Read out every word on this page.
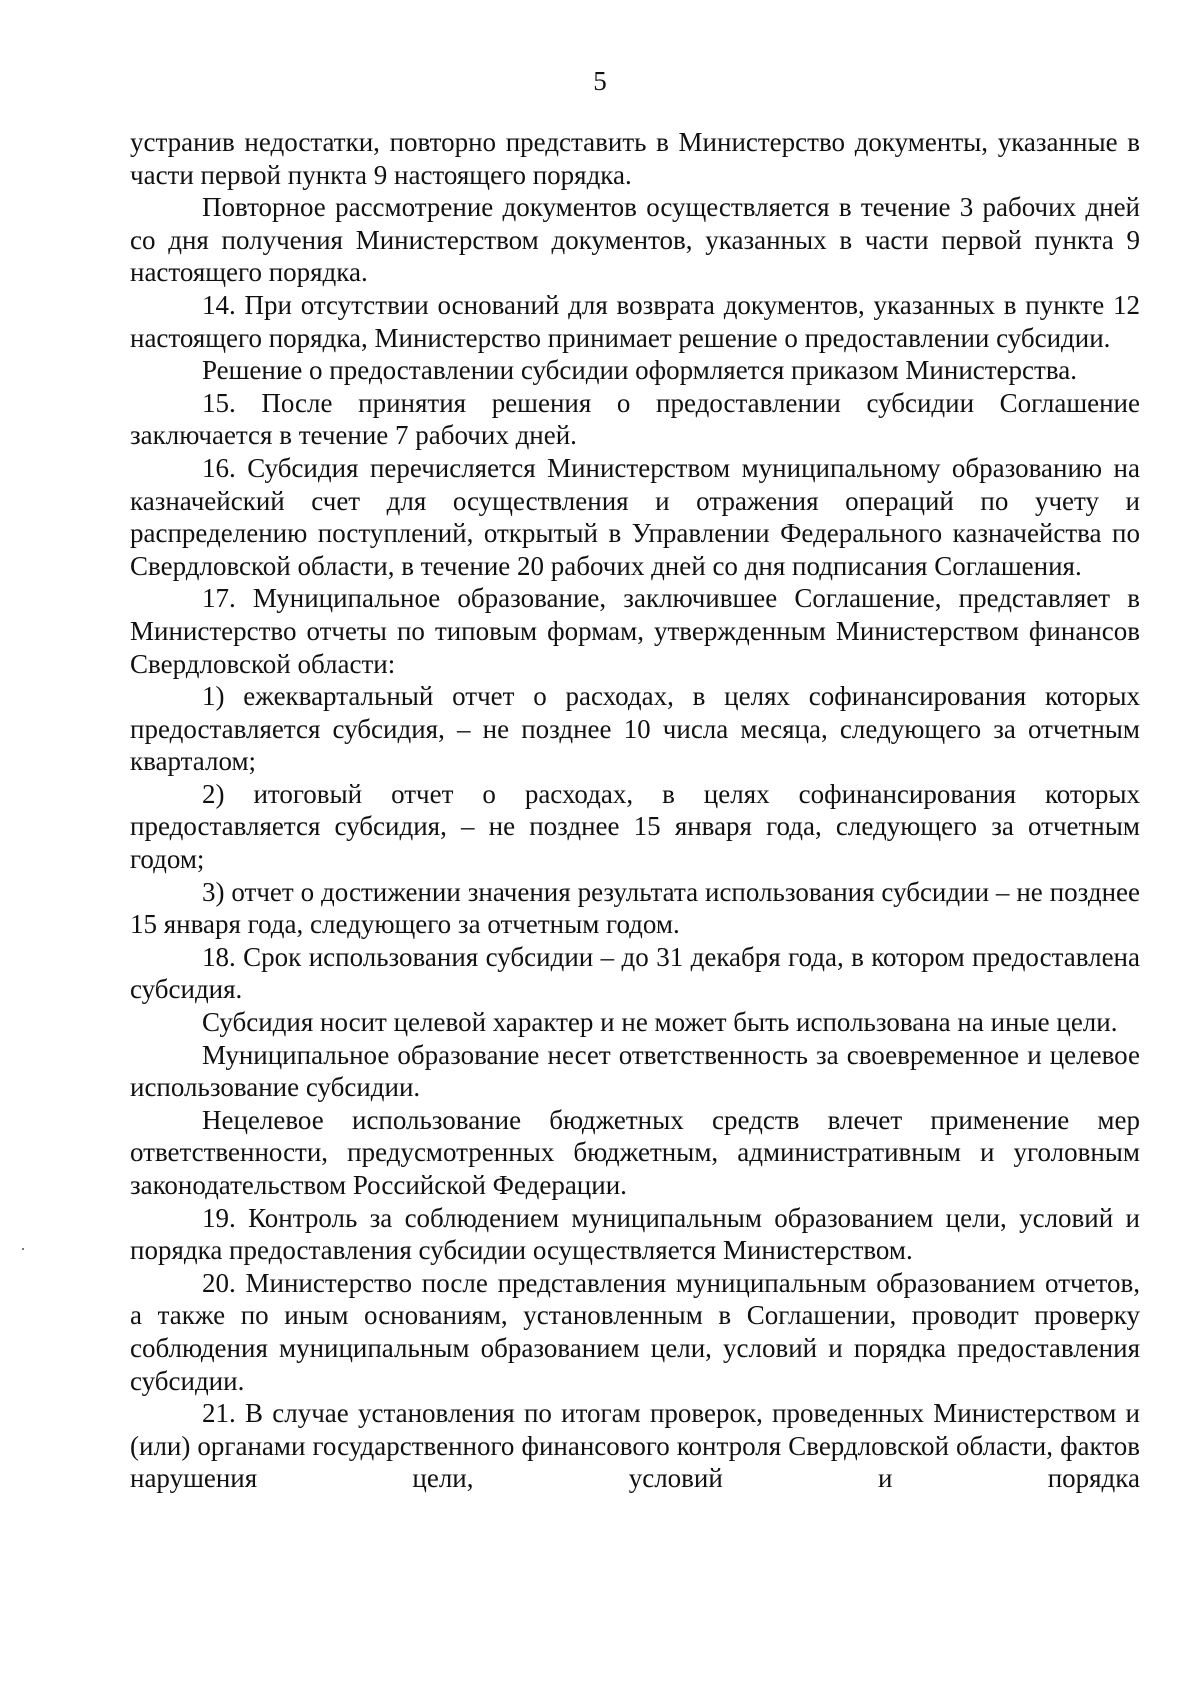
5

устранив недостатки, повторно представить в Министерство документы, указанные в части первой пункта 9 настоящего порядка.

Повторное рассмотрение документов осуществляется в течение 3 рабочих дней со дня получения Министерством документов, указанных в части первой пункта 9 настоящего порядка.

14. При отсутствии оснований для возврата документов, указанных в пункте 12 настоящего порядка, Министерство принимает решение о предоставлении субсидии.

Решение о предоставлении субсидии оформляется приказом Министерства.

15. После принятия решения о предоставлении субсидии Соглашение заключается в течение 7 рабочих дней.

16. Субсидия перечисляется Министерством муниципальному образованию на казначейский счет для осуществления и отражения операций по учету и распределению поступлений, открытый в Управлении Федерального казначейства по Свердловской области, в течение 20 рабочих дней со дня подписания Соглашения.

17. Муниципальное образование, заключившее Соглашение, представляет в Министерство отчеты по типовым формам, утвержденным Министерством финансов Свердловской области:

1) ежеквартальный отчет о расходах, в целях софинансирования которых предоставляется субсидия, – не позднее 10 числа месяца, следующего за отчетным кварталом;

2) итоговый отчет о расходах, в целях софинансирования которых предоставляется субсидия, – не позднее 15 января года, следующего за отчетным годом;

3) отчет о достижении значения результата использования субсидии – не позднее 15 января года, следующего за отчетным годом.

18. Срок использования субсидии – до 31 декабря года, в котором предоставлена субсидия.

Субсидия носит целевой характер и не может быть использована на иные цели.

Муниципальное образование несет ответственность за своевременное и целевое использование субсидии.

Нецелевое использование бюджетных средств влечет применение мер ответственности, предусмотренных бюджетным, административным и уголовным законодательством Российской Федерации.

19. Контроль за соблюдением муниципальным образованием цели, условий и порядка предоставления субсидии осуществляется Министерством.

20. Министерство после представления муниципальным образованием отчетов, а также по иным основаниям, установленным в Соглашении, проводит проверку соблюдения муниципальным образованием цели, условий и порядка предоставления субсидии.

21. В случае установления по итогам проверок, проведенных Министерством и (или) органами государственного финансового контроля Свердловской области, фактов нарушения цели, условий и порядка
